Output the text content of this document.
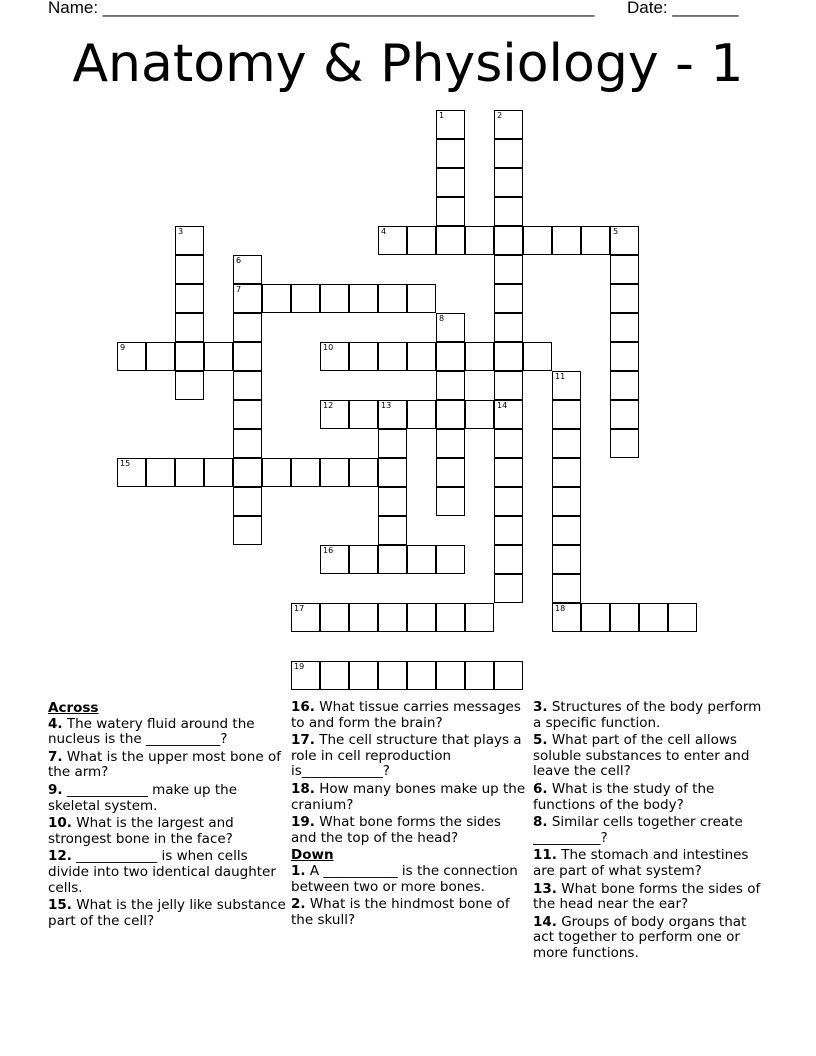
Name: ____________________________________________________ Date: _______
Anatomy & Physiology - 1
1	2
3	4	5
6
7
8
9	10
11
12	13	14
15
16
17	18
19
Across
4. The watery fluid around the nucleus is the ___________?
7. What is the upper most bone of the arm?
9. ____________ make up the skeletal system.
10. What is the largest and strongest bone in the face?
12. ____________ is when cells divide into two identical daughter cells.
15. What is the jelly like substance part of the cell?
16. What tissue carries messages to and form the brain?
17. The cell structure that plays a role in cell reproduction is____________?
18. How many bones make up the cranium?
19. What bone forms the sides and the top of the head?
Down
1. A ___________ is the connection between two or more bones.
2. What is the hindmost bone of the skull?
3. Structures of the body perform a specific function.
5. What part of the cell allows soluble substances to enter and leave the cell?
6. What is the study of the functions of the body?
8. Similar cells together create __________?
11. The stomach and intestines are part of what system?
13. What bone forms the sides of the head near the ear?
14. Groups of body organs that act together to perform one or more functions.
